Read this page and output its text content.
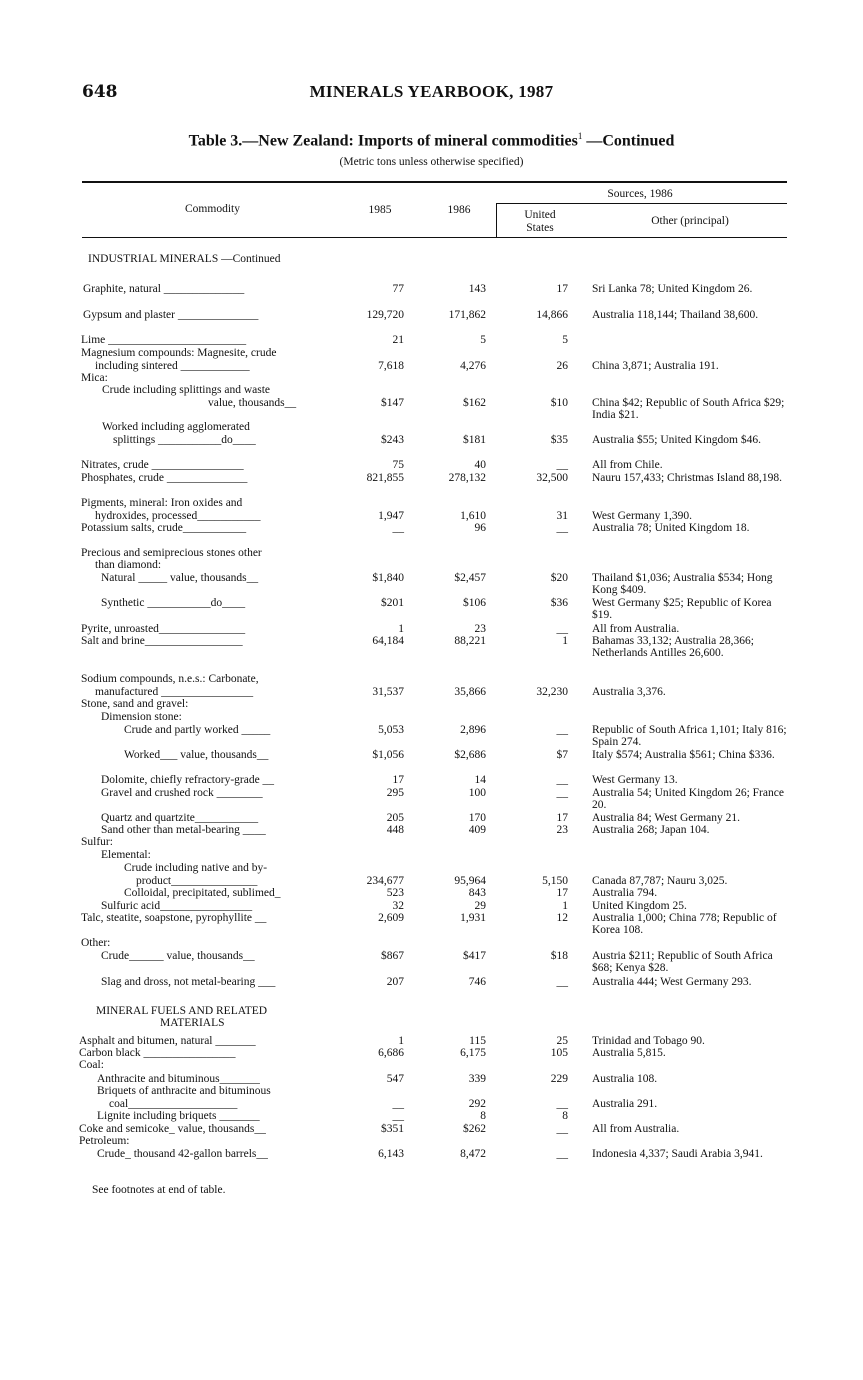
648	MINERALS YEARBOOK, 1987
Table 3.—New Zealand: Imports of mineral commodities$^1$ —Continued
(Metric tons unless otherwise specified)
Commodity	1985	1986
Sources, 1986
United States
Other (principal)
INDUSTRIAL MINERALS —Continued
Graphite, natural ______________	77	143	17 Sri Lanka 78; United Kingdom 26.
Gypsum and plaster ______________	129,720	171,862	14,866 Australia 118,144; Thailand 38,600.
Lime ________________________	21	5	5
Magnesium compounds: Magnesite, crude
including sintered ____________	7,618	4,276	26 China 3,871; Australia 191.
Mica:
Crude including splittings and waste
value, thousands__	$147	$162	$10 China $42; Republic of South Africa $29; India $21.
Worked including agglomerated
splittings ___________do____	$243	$181	$35 Australia $55; United Kingdom $46.
Nitrates, crude ________________	75	40	__ All from Chile.
Phosphates, crude ______________	821,855	278,132	32,500 Nauru 157,433; Christmas Island 88,198.
Pigments, mineral: Iron oxides and
hydroxides, processed___________	1,947	1,610	31 West Germany 1,390.
Potassium salts, crude___________	__	96	__ Australia 78; United Kingdom 18.
Precious and semiprecious stones other
than diamond:
Natural _____ value, thousands__	$1,840	$2,457	$20 Thailand $1,036; Australia $534; Hong Kong $409.
Synthetic ___________do____	$201	$106	$36 West Germany $25; Republic of Korea $19.
Pyrite, unroasted_______________	1	23	__ All from Australia.
Salt and brine_________________	64,184	88,221	1 Bahamas 33,132; Australia 28,366; Netherlands Antilles 26,600.
Sodium compounds, n.e.s.: Carbonate,
manufactured ________________	31,537	35,866	32,230 Australia 3,376.
Stone, sand and gravel:
Dimension stone:
Crude and partly worked _____	5,053	2,896	__ Republic of South Africa 1,101; Italy 816; Spain 274.
Worked___ value, thousands__	$1,056	$2,686	$7 Italy $574; Australia $561; China $336.
Dolomite, chiefly refractory-grade __	17	14	__ West Germany 13.
Gravel and crushed rock ________	295	100	__ Australia 54; United Kingdom 26; France 20.
Quartz and quartzite___________	205	170	17 Australia 84; West Germany 21.
Sand other than metal-bearing ____	448	409	23 Australia 268; Japan 104.
Sulfur:
Elemental:
Crude including native and by-
product_______________	234,677	95,964	5,150 Canada 87,787; Nauru 3,025.
Colloidal, precipitated, sublimed_	523	843	17 Australia 794.
Sulfuric acid________________	32	29	1 United Kingdom 25.
Talc, steatite, soapstone, pyrophyllite __	2,609	1,931	12 Australia 1,000; China 778; Republic of Korea 108.
Other:
Crude______ value, thousands__	$867	$417	$18 Austria $211; Republic of South Africa $68; Kenya $28.
Slag and dross, not metal-bearing ___	207	746	__ Australia 444; West Germany 293.
MINERAL FUELS AND RELATED
MATERIALS
Asphalt and bitumen, natural _______	1	115	25 Trinidad and Tobago 90.
Carbon black ________________	6,686	6,175	105 Australia 5,815.
Coal:
Anthracite and bituminous_______	547	339	229 Australia 108.
Briquets of anthracite and bituminous
coal___________________	__	292	__ Australia 291.
Lignite including briquets _______	__	8	8
Coke and semicoke_ value, thousands__	$351	$262	__ All from Australia.
Petroleum:
Crude_ thousand 42-gallon barrels__	6,143	8,472	__ Indonesia 4,337; Saudi Arabia 3,941.
See footnotes at end of table.
